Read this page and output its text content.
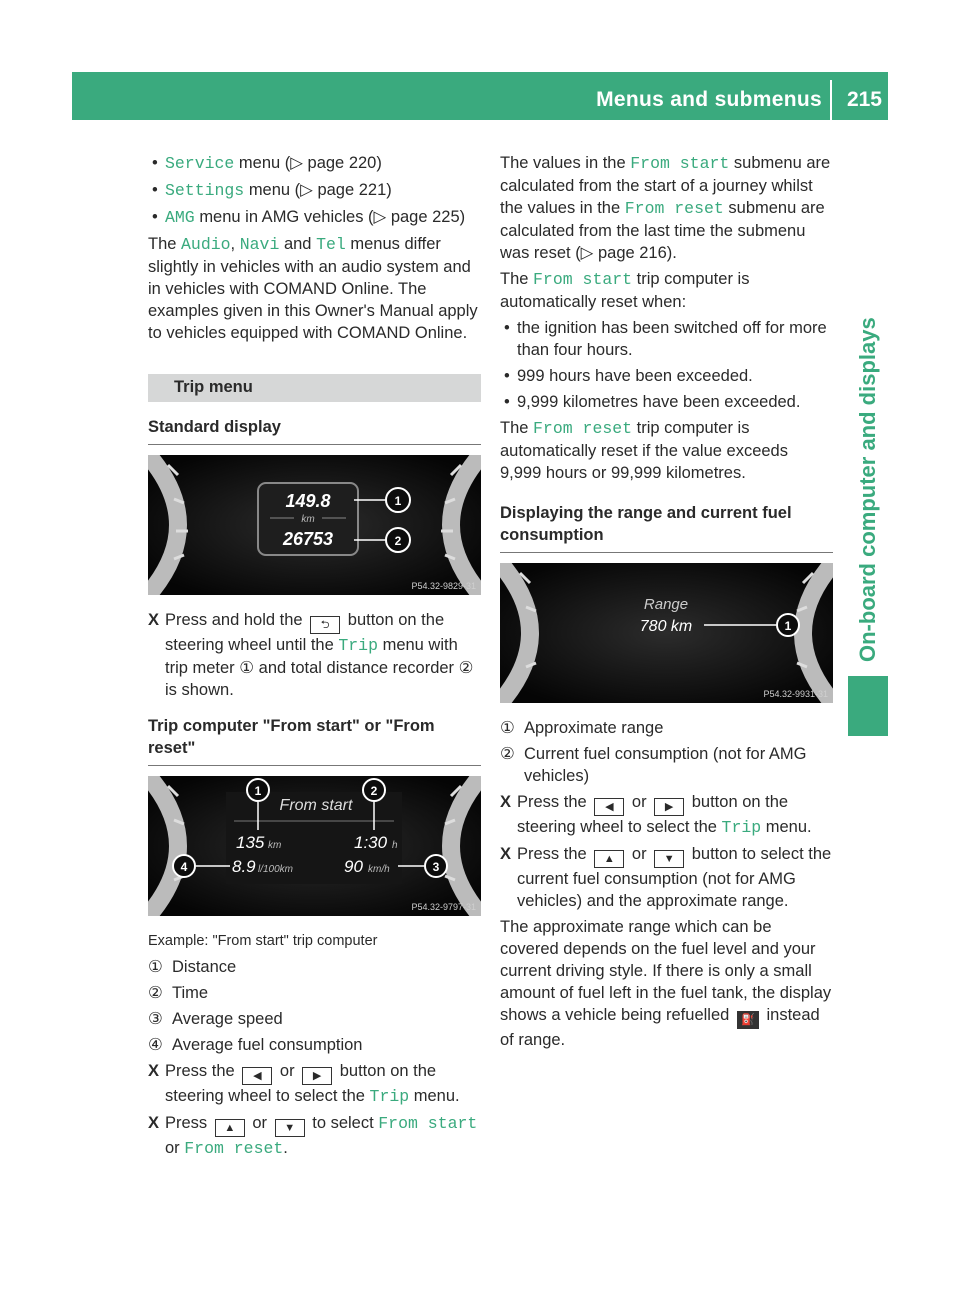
Menus and submenus 215
On-board computer and displays
• Service menu (▷ page 220)
• Settings menu (▷ page 221)
• AMG menu in AMG vehicles (▷ page 225)

The Audio, Navi and Tel menus differ slightly in vehicles with an audio system and in vehicles with COMAND Online. The examples given in this Owner's Manual apply to vehicles equipped with COMAND Online.

Trip menu
Standard display
149.8
km
26753
1
2
P54.32-9829-31
X Press and hold the ⮌ button on the steering wheel until the Trip menu with trip meter ① and total distance recorder ② is shown.
Trip computer "From start" or "From reset"
From start
135 km	1:30 h
8.9 l/100km	90 km/h
1	2
3
4
P54.32-9797-31
Example: "From start" trip computer
① Distance
② Time
③ Average speed
④ Average fuel consumption
X Press the ◀ or ▶ button on the steering wheel to select the Trip menu.
X Press ▲ or ▼ to select From start or From reset.

The values in the From start submenu are calculated from the start of a journey whilst the values in the From reset submenu are calculated from the last time the submenu was reset (▷ page 216).

The From start trip computer is automatically reset when:

• the ignition has been switched off for more than four hours.
• 999 hours have been exceeded.
• 9,999 kilometres have been exceeded.

The From reset trip computer is automatically reset if the value exceeds 9,999 hours or 99,999 kilometres.

Displaying the range and current fuel consumption
Range
780 km	1
P54.32-9931-31
① Approximate range
② Current fuel consumption (not for AMG vehicles)
X Press the ◀ or ▶ button on the steering wheel to select the Trip menu.
X Press the ▲ or ▼ button to select the current fuel consumption (not for AMG vehicles) and the approximate range.

The approximate range which can be covered depends on the fuel level and your current driving style. If there is only a small amount of fuel left in the fuel tank, the display shows a vehicle being refuelled ⛽ instead of range.
